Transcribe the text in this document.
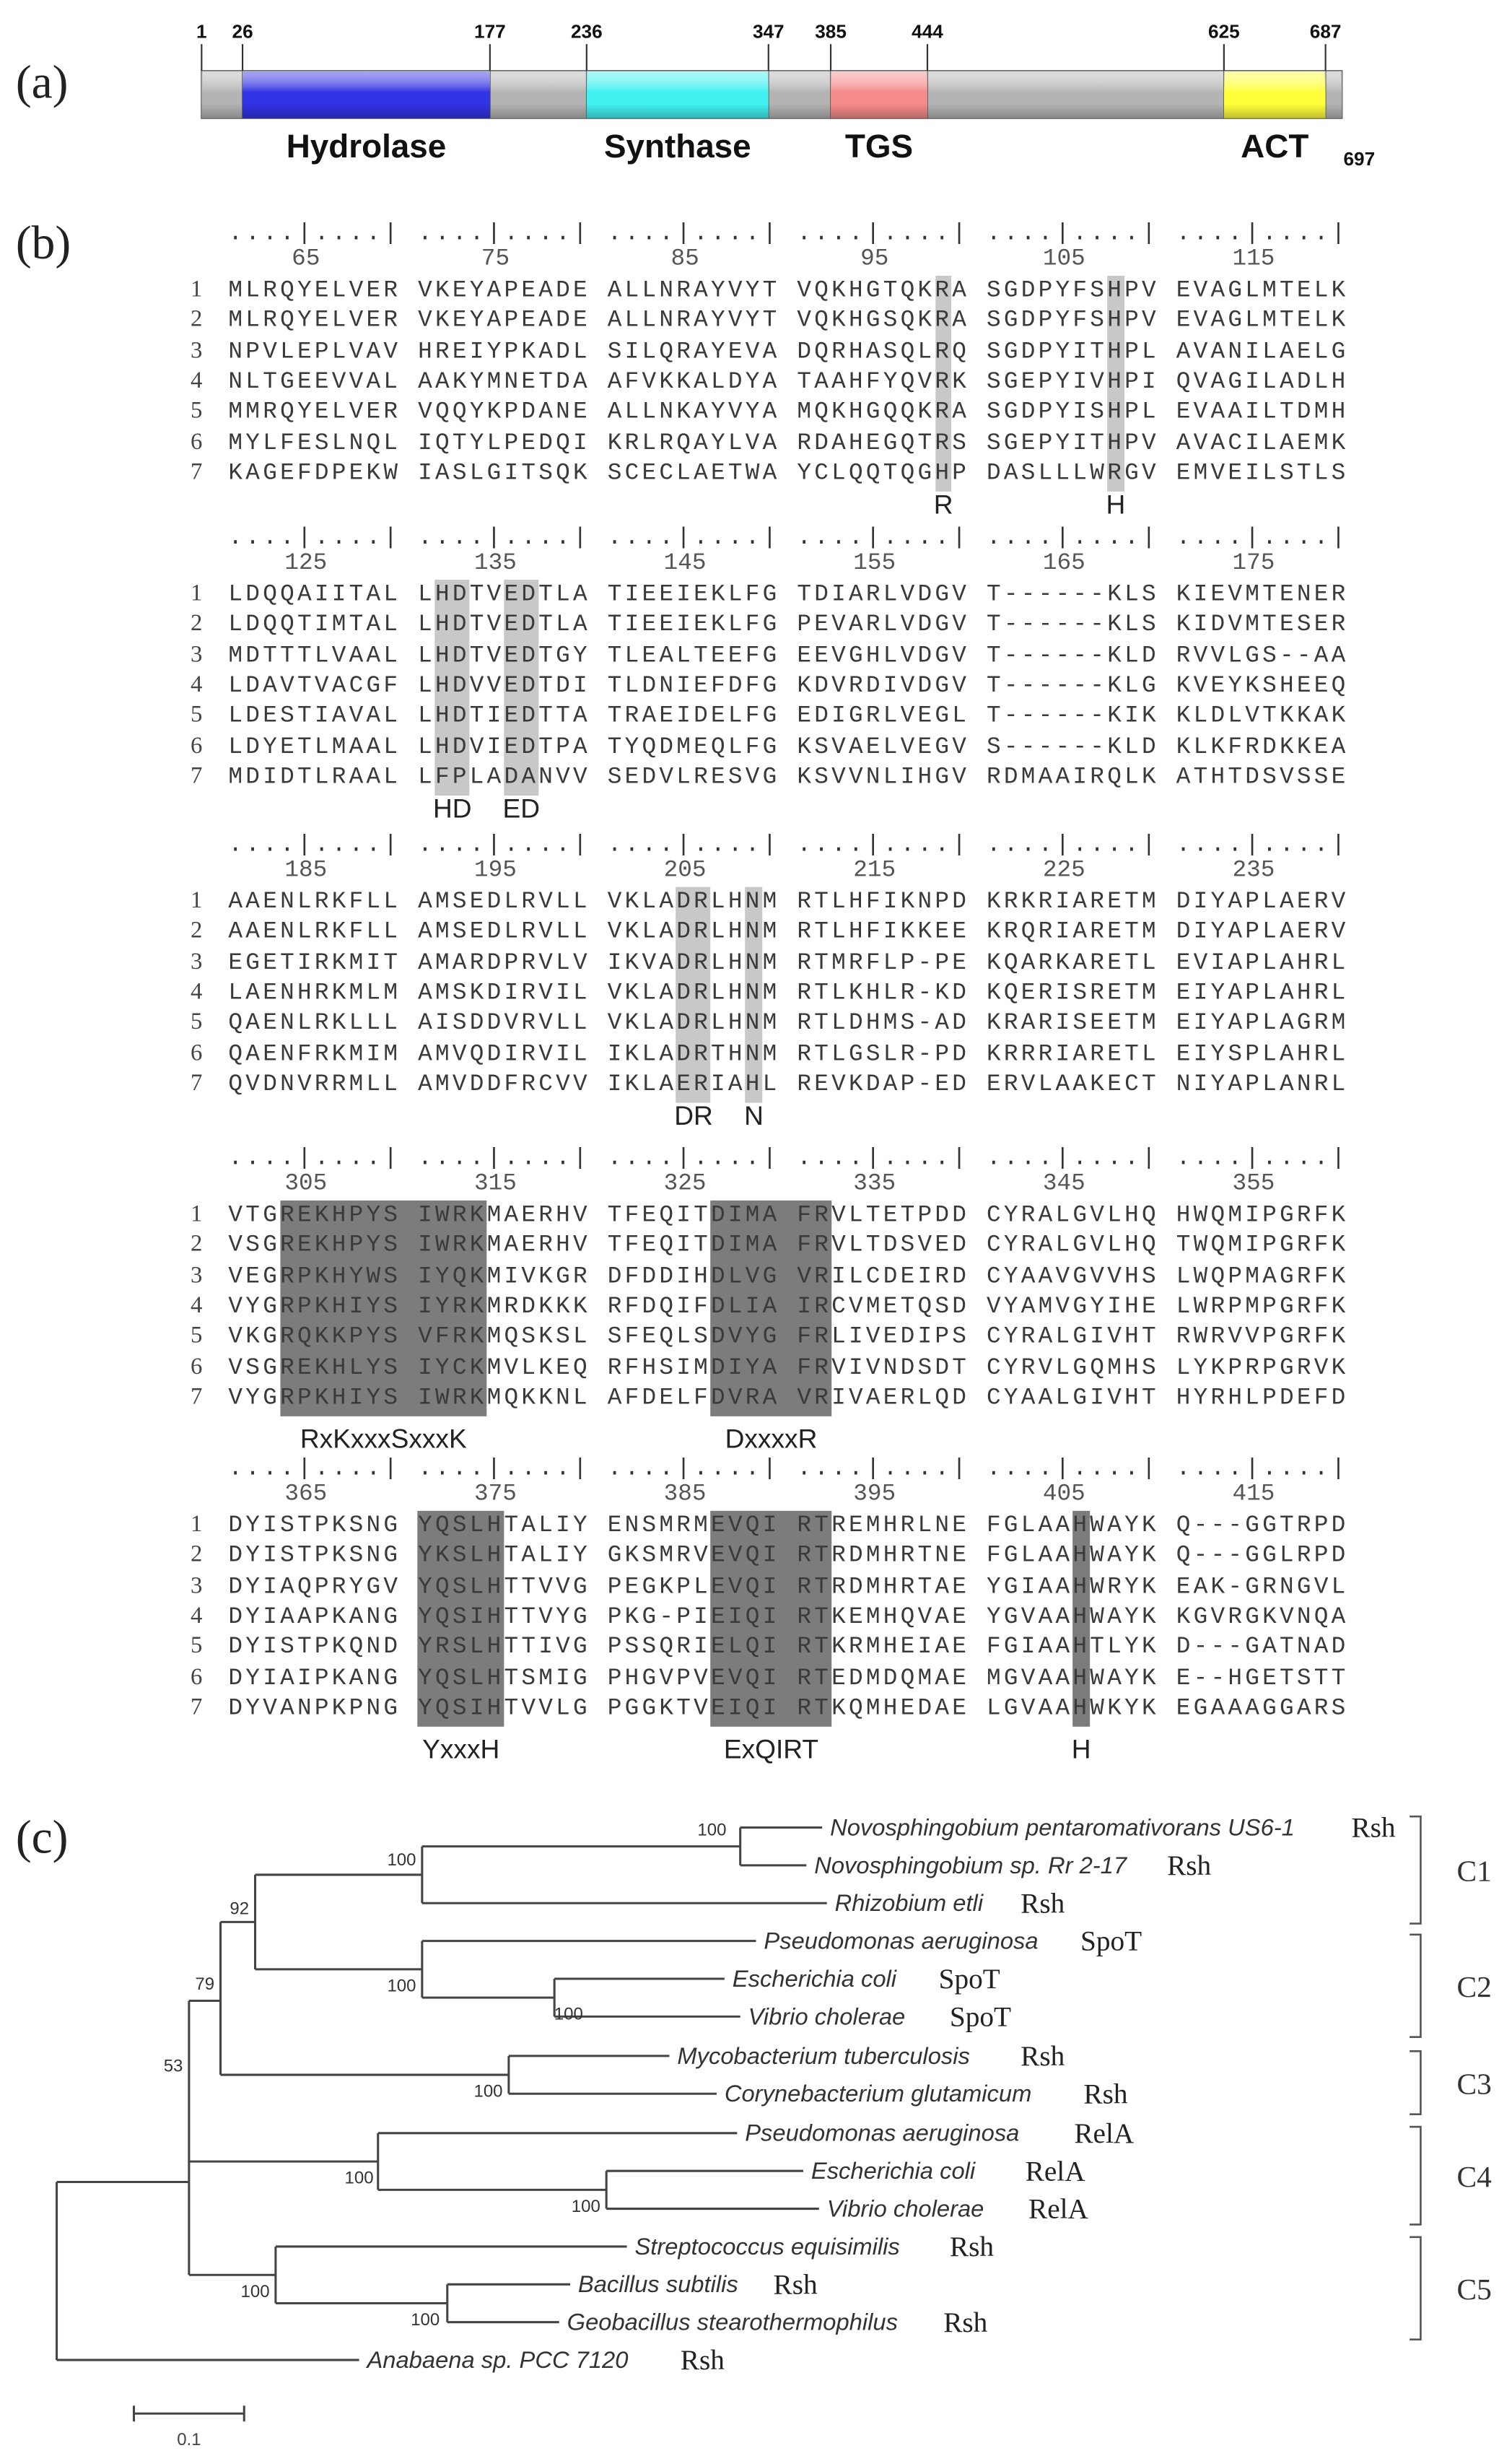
(a)
Hydrolase	Synthase	TGS	ACT
1	26	177	236	347	385	444	625	687
697
(b)
R	H
....|....| ....|....| ....|....| ....|....| ....|....| ....|....|
65	75	85	95	105	115
1 MLRQYELVER VKEYAPEADE ALLNRAYVYT VQKHGTQKRA SGDPYFSHPV EVAGLMTELK
2 MLRQYELVER VKEYAPEADE ALLNRAYVYT VQKHGSQKRA SGDPYFSHPV EVAGLMTELK
3 NPVLEPLVAV HREIYPKADL SILQRAYEVA DQRHASQLRQ SGDPYITHPL AVANILAELG
4 NLTGEEVVAL AAKYMNETDA AFVKKALDYA TAAHFYQVRK SGEPYIVHPI QVAGILADLH
5 MMRQYELVER VQQYKPDANE ALLNKAYVYA MQKHGQQKRA SGDPYISHPL EVAAILTDMH
6 MYLFESLNQL IQTYLPEDQI KRLRQAYLVA RDAHEGQTRS SGEPYITHPV AVACILAEMK
7 KAGEFDPEKW IASLGITSQK SCECLAETWA YCLQQTQGHP DASLLLWRGV EMVEILSTLS
HD	ED
....|....| ....|....| ....|....| ....|....| ....|....| ....|....|
125	135	145	155	165	175
1 LDQQAIITAL LHDTVEDTLA TIEEIEKLFG TDIARLVDGV T------KLS KIEVMTENER
2 LDQQTIMTAL LHDTVEDTLA TIEEIEKLFG PEVARLVDGV T------KLS KIDVMTESER
3 MDTTTLVAAL LHDTVEDTGY TLEALTEEFG EEVGHLVDGV T------KLD RVVLGS--AA
4 LDAVTVACGF LHDVVEDTDI TLDNIEFDFG KDVRDIVDGV T------KLG KVEYKSHEEQ
5 LDESTIAVAL LHDTIEDTTA TRAEIDELFG EDIGRLVEGL T------KIK KLDLVTKKAK
6 LDYETLMAAL LHDVIEDTPA TYQDMEQLFG KSVAELVEGV S------KLD KLKFRDKKEA
7 MDIDTLRAAL LFPLADANVV SEDVLRESVG KSVVNLIHGV RDMAAIRQLK ATHTDSVSSE
DR	N
....|....| ....|....| ....|....| ....|....| ....|....| ....|....|
185	195	205	215	225	235
1 AAENLRKFLL AMSEDLRVLL VKLADRLHNM RTLHFIKNPD KRKRIARETM DIYAPLAERV
2 AAENLRKFLL AMSEDLRVLL VKLADRLHNM RTLHFIKKEE KRQRIARETM DIYAPLAERV
3 EGETIRKMIT AMARDPRVLV IKVADRLHNM RTMRFLP-PE KQARKARETL EVIAPLAHRL
4 LAENHRKMLM AMSKDIRVIL VKLADRLHNM RTLKHLR-KD KQERISRETM EIYAPLAHRL
5 QAENLRKLLL AISDDVRVLL VKLADRLHNM RTLDHMS-AD KRARISEETM EIYAPLAGRM
6 QAENFRKMIM AMVQDIRVIL IKLADRTHNM RTLGSLR-PD KRRRIARETL EIYSPLAHRL
7 QVDNVRRMLL AMVDDFRCVV IKLAERIAHL REVKDAP-ED ERVLAAKECT NIYAPLANRL
RxKxxxSxxxK	DxxxxR
....|....| ....|....| ....|....| ....|....| ....|....| ....|....|
305	315	325	335	345	355
1 VTGREKHPYS IWRKMAERHV TFEQITDIMA FRVLTETPDD CYRALGVLHQ HWQMIPGRFK
2 VSGREKHPYS IWRKMAERHV TFEQITDIMA FRVLTDSVED CYRALGVLHQ TWQMIPGRFK
3 VEGRPKHYWS IYQKMIVKGR DFDDIHDLVG VRILCDEIRD CYAAVGVVHS LWQPMAGRFK
4 VYGRPKHIYS IYRKMRDKKK RFDQIFDLIA IRCVMETQSD VYAMVGYIHE LWRPMPGRFK
5 VKGRQKKPYS VFRKMQSKSL SFEQLSDVYG FRLIVEDIPS CYRALGIVHT RWRVVPGRFK
6 VSGREKHLYS IYCKMVLKEQ RFHSIMDIYA FRVIVNDSDT CYRVLGQMHS LYKPRPGRVK
7 VYGRPKHIYS IWRKMQKKNL AFDELFDVRA VRIVAERLQD CYAALGIVHT HYRHLPDEFD
YxxxH	ExQIRT	H
....|....| ....|....| ....|....| ....|....| ....|....| ....|....|
365	375	385	395	405	415
1 DYISTPKSNG YQSLHTALIY ENSMRMEVQI RTREMHRLNE FGLAAHWAYK Q---GGTRPD
2 DYISTPKSNG YKSLHTALIY GKSMRVEVQI RTRDMHRTNE FGLAAHWAYK Q---GGLRPD
3 DYIAQPRYGV YQSLHTTVVG PEGKPLEVQI RTRDMHRTAE YGIAAHWRYK EAK-GRNGVL
4 DYIAAPKANG YQSIHTTVYG PKG-PIEIQI RTKEMHQVAE YGVAAHWAYK KGVRGKVNQA
5 DYISTPKQND YRSLHTTIVG PSSQRIELQI RTKRMHEIAE FGIAAHTLYK D---GATNAD
6 DYIAIPKANG YQSLHTSMIG PHGVPVEVQI RTEDMDQMAE MGVAAHWAYK E--HGETSTT
7 DYVANPKPNG YQSIHTVVLG PGGKTVEIQI RTKQMHEDAE LGVAAHWKYK EGAAAGGARS
(c)	Novosphingobium pentaromativorans US6-1	Rsh
Novosphingobium sp. Rr 2-17	Rsh
Rhizobium etli	Rsh
Pseudomonas aeruginosa	SpoT
Escherichia coli	SpoT
Vibrio cholerae	SpoT
Mycobacterium tuberculosis	Rsh
Corynebacterium glutamicum	Rsh
Pseudomonas aeruginosa	RelA
Escherichia coli	RelA
Vibrio cholerae	RelA
Streptococcus equisimilis	Rsh
Bacillus subtilis	Rsh
Geobacillus stearothermophilus	Rsh
Anabaena sp. PCC 7120	Rsh
100
100
92
100
100
79
100
53
100
100
100
100
C1
C2
C3
C4
C5
0.1
